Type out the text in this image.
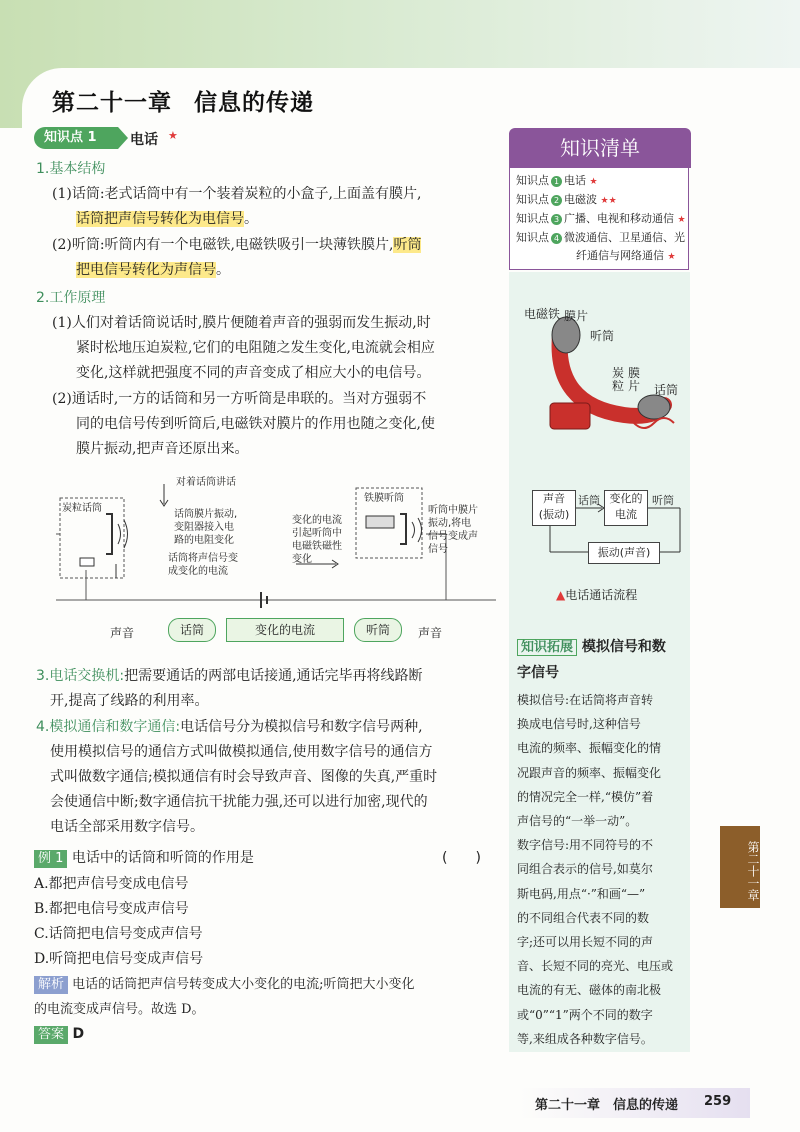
第二十一章 信息的传递
知识点 1	电话 ★
1.基本结构
(1)话筒:老式话筒中有一个装着炭粒的小盒子,上面盖有膜片,
话筒把声信号转化为电信号。
(2)听筒:听筒内有一个电磁铁,电磁铁吸引一块薄铁膜片,听筒
把电信号转化为声信号。
2.工作原理
(1)人们对着话筒说话时,膜片便随着声音的强弱而发生振动,时
紧时松地压迫炭粒,它们的电阻随之发生变化,电流就会相应
变化,这样就把强度不同的声音变成了相应大小的电信号。
(2)通话时,一方的话筒和另一方听筒是串联的。当对方强弱不
同的电信号传到听筒后,电磁铁对膜片的作用也随之变化,使
膜片振动,把声音还原出来。
对着话筒讲话
炭粒话筒
话筒膜片振动,
变阻器接入电
路的电阻变化
话筒将声信号变
成变化的电流
变化的电流
引起听筒中
电磁铁磁性
变化
铁膜听筒
听筒中膜片
振动,将电
信号变成声
信号
声音	话筒	变化的电流	听筒	声音
3.电话交换机:把需要通话的两部电话接通,通话完毕再将线路断
开,提高了线路的利用率。
4.模拟通信和数字通信:电话信号分为模拟信号和数字信号两种,
使用模拟信号的通信方式叫做模拟通信,使用数字信号的通信方
式叫做数字通信;模拟通信有时会导致声音、图像的失真,严重时
会使通信中断;数字通信抗干扰能力强,还可以进行加密,现代的
电话全部采用数字信号。
例 1 电话中的话筒和听筒的作用是	(　　)
A.都把声信号变成电信号
B.都把电信号变成声信号
C.话筒把电信号变成声信号
D.听筒把电信号变成声信号
解析 电话的话筒把声信号转变成大小变化的电流;听筒把大小变化
的电流变成声信号。故选 D。
答案 D
知识清单
知识点 1 电话 ★
知识点 2 电磁波 ★★
知识点 3 广播、电视和移动通信 ★
知识点 4 微波通信、卫星通信、光
纤通信与网络通信 ★
电磁铁 膜片
听筒
炭
粒
膜
片 话筒
声音
(振动)
话筒 变化的
电流
听筒
振动(声音)
▲电话通话流程
知识拓展 模拟信号和数
字信号
模拟信号:在话筒将声音转
换成电信号时,这种信号
电流的频率、振幅变化的情
况跟声音的频率、振幅变化
的情况完全一样,“模仿”着
声信号的“一举一动”。
数字信号:用不同符号的不
同组合表示的信号,如莫尔
斯电码,用点“·”和画“—”
的不同组合代表不同的数
字;还可以用长短不同的声
音、长短不同的亮光、电压或
电流的有无、磁体的南北极
或“0”“1”两个不同的数字
等,来组成各种数字信号。
第二十一章
第二十一章　信息的传递 259
